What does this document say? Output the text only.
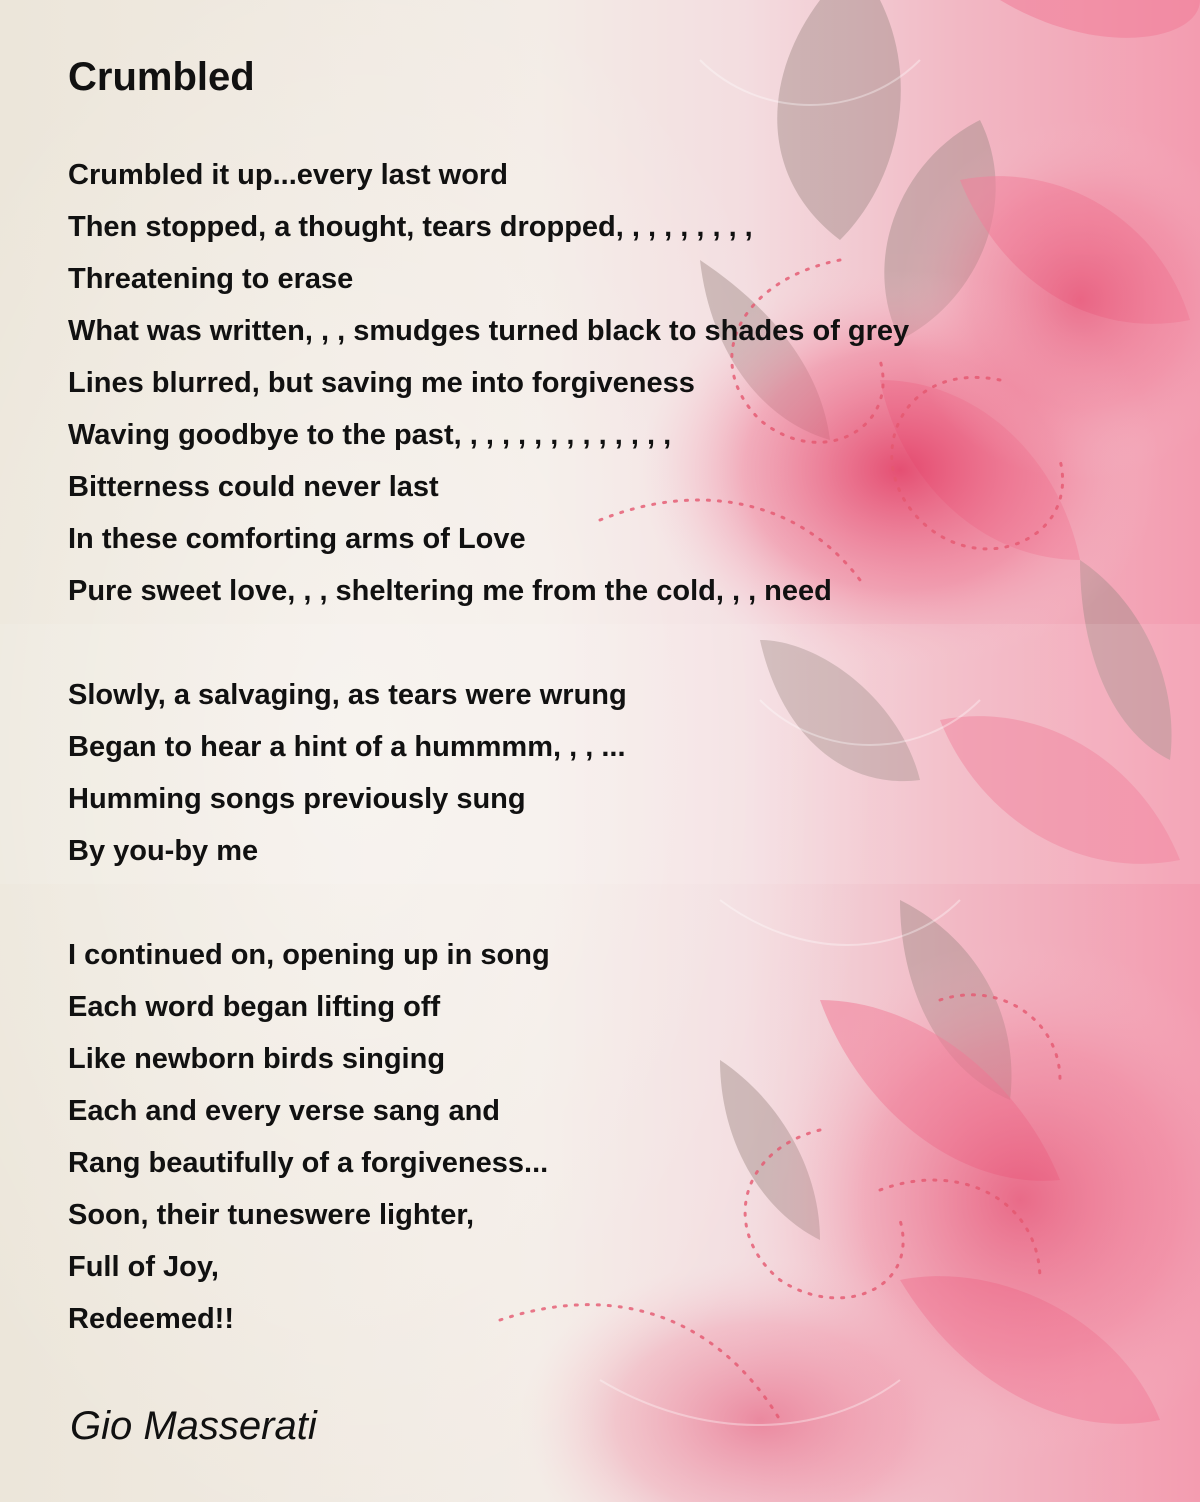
Crumbled
Crumbled it up...every last word
Then stopped, a thought, tears dropped, , , , , , , , ,
Threatening to erase
What was written, , , smudges turned black to shades of grey
Lines blurred, but saving me into forgiveness
Waving goodbye to the past, , , , , , , , , , , , , ,
Bitterness could never last
In these comforting arms of Love
Pure sweet love, , , sheltering me from the cold, , , need
Slowly, a salvaging, as tears were wrung
Began to hear a hint of a hummmm, , , ...
Humming songs previously sung
By you-by me
I continued on, opening up in song
Each word began lifting off
Like newborn birds singing
Each and every verse sang and
Rang beautifully of a forgiveness...
Soon, their tuneswere lighter,
Full of Joy,
Redeemed!!

Gio Masserati
